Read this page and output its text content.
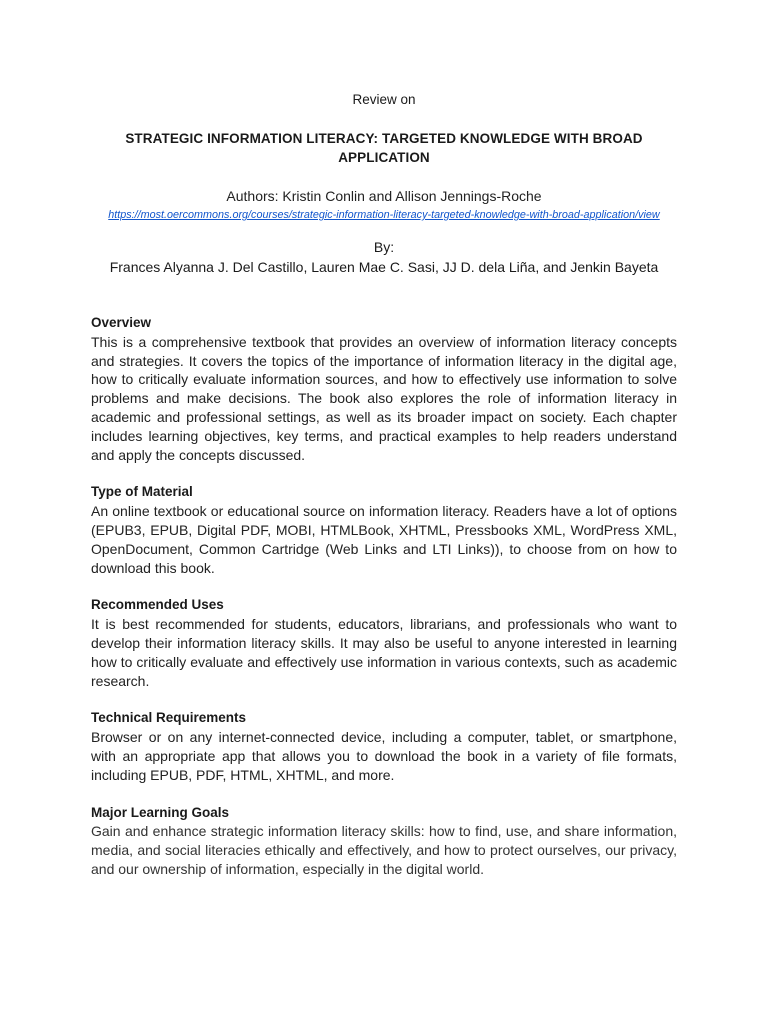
Review on

STRATEGIC INFORMATION LITERACY: TARGETED KNOWLEDGE WITH BROAD APPLICATION

Authors: Kristin Conlin and Allison Jennings-Roche

https://most.oercommons.org/courses/strategic-information-literacy-targeted-knowledge-with-broad-application/view

By:

Frances Alyanna J. Del Castillo, Lauren Mae C. Sasi, JJ D. dela Liña, and Jenkin Bayeta

Overview

This is a comprehensive textbook that provides an overview of information literacy concepts and strategies. It covers the topics of the importance of information literacy in the digital age, how to critically evaluate information sources, and how to effectively use information to solve problems and make decisions. The book also explores the role of information literacy in academic and professional settings, as well as its broader impact on society. Each chapter includes learning objectives, key terms, and practical examples to help readers understand and apply the concepts discussed.

Type of Material

An online textbook or educational source on information literacy. Readers have a lot of options (EPUB3, EPUB, Digital PDF, MOBI, HTMLBook, XHTML, Pressbooks XML, WordPress XML, OpenDocument, Common Cartridge (Web Links and LTI Links)), to choose from on how to download this book.

Recommended Uses

It is best recommended for students, educators, librarians, and professionals who want to develop their information literacy skills. It may also be useful to anyone interested in learning how to critically evaluate and effectively use information in various contexts, such as academic research.

Technical Requirements

Browser or on any internet-connected device, including a computer, tablet, or smartphone, with an appropriate app that allows you to download the book in a variety of file formats, including EPUB, PDF, HTML, XHTML, and more.

Major Learning Goals

Gain and enhance strategic information literacy skills: how to find, use, and share information, media, and social literacies ethically and effectively, and how to protect ourselves, our privacy, and our ownership of information, especially in the digital world.
